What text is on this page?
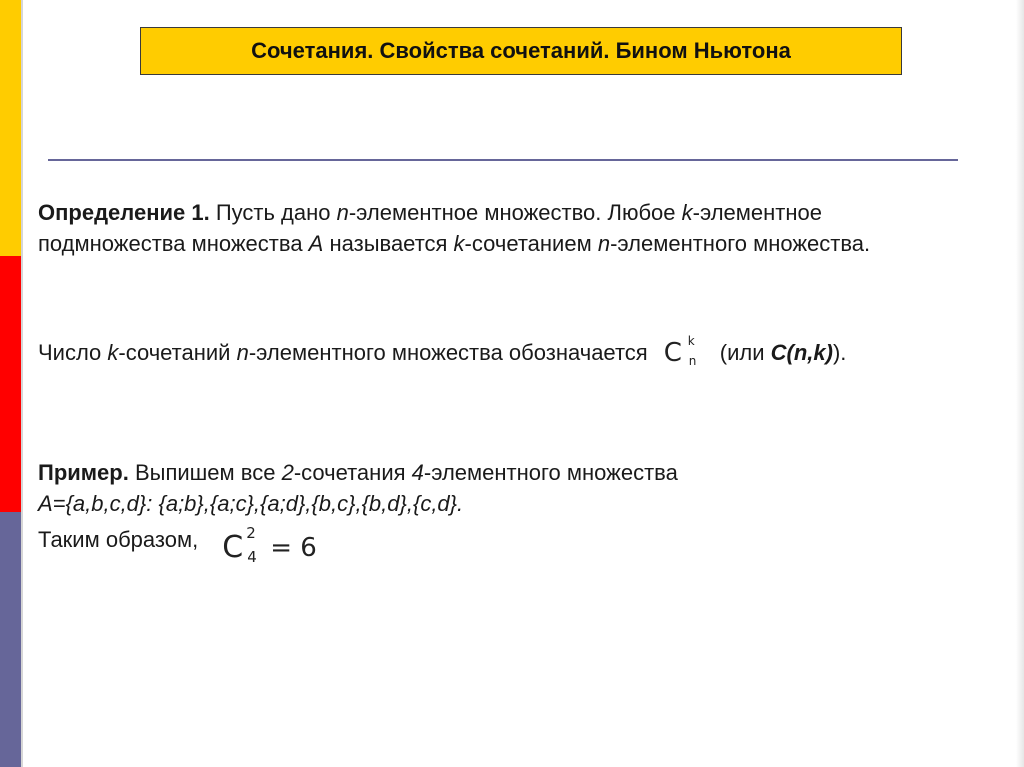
Сочетания. Свойства сочетаний. Бином Ньютона
Определение 1. Пусть дано n-элементное множество. Любое k-элементное подмножества множества А называется k-сочетанием n-элементного множества.
Число k-сочетаний n-элементного множества обозначается C k
n (или C(n,k)).
Пример. Выпишем все 2-сочетания 4-элементного множества
А={a,b,c,d}: {a;b},{a;c},{a;d},{b,c},{b,d},{c,d}.
Таким образом, C 2
4 = 6
